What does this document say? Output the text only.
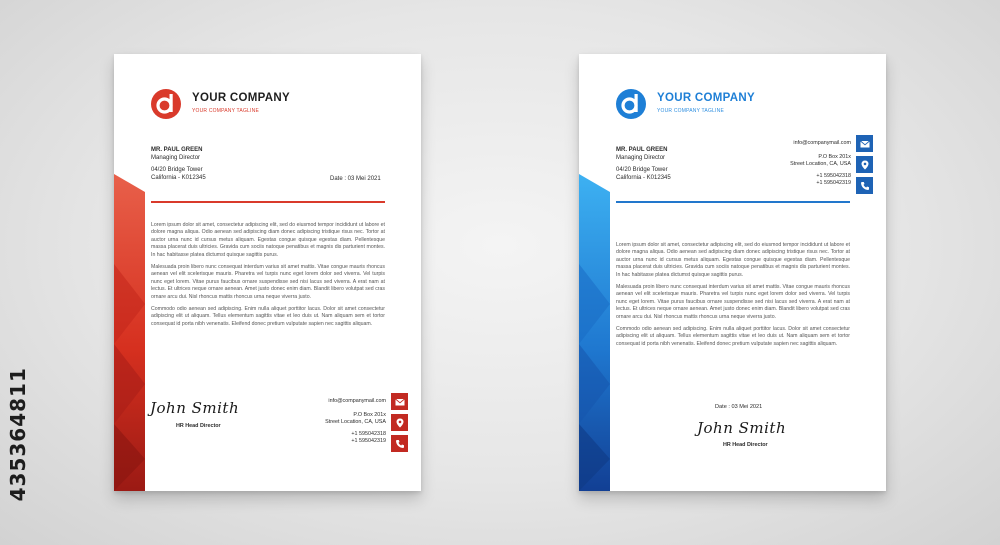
435364811
YOUR COMPANY
YOUR COMPANY TAGLINE
MR. PAUL GREEN
Managing Director
04/20 Bridge Tower
California - K012345	Date : 03 Mei 2021

Lorem ipsum dolor sit amet, consectetur adipiscing elit, sed do eiusmod tempor incididunt ut labore et dolore magna aliqua. Odio aenean sed adipiscing diam donec adipiscing tristique risus nec. Tortor at auctor urna nunc id cursus metus aliquam. Egestas congue quisque egestas diam. Pellentesque massa placerat duis ultricies. Gravida cum sociis natoque penatibus et magnis dis parturient montes. In hac habitasse platea dictumst quisque sagittis purus.

Malesuada proin libero nunc consequat interdum varius sit amet mattis. Vitae congue mauris rhoncus aenean vel elit scelerisque mauris. Pharetra vel turpis nunc eget lorem dolor sed viverra. Vel turpis nunc eget lorem. Vitae purus faucibus ornare suspendisse sed nisi lacus sed viverra. A erat nam at lectus. Et ultrices neque ornare aenean. Amet justo donec enim diam. Blandit libero volutpat sed cras ornare arcu dui. Nisl rhoncus mattis rhoncus urna neque viverra justo.

Commodo odio aenean sed adipiscing. Enim nulla aliquet porttitor lacus. Dolor sit amet consectetur adipiscing elit ut aliquam. Tellus elementum sagittis vitae et leo duis ut. Nam aliquam sem et tortor consequat id porta nibh venenatis. Eleifend donec pretium vulputate sapien nec sagittis aliquam.

John Smith
HR Head Director
info@companymail.com
P.O Box 201x
Street Location, CA, USA
+1 595042318
+1 595042319
YOUR COMPANY
YOUR COMPANY TAGLINE
MR. PAUL GREEN
Managing Director
04/20 Bridge Tower
California - K012345
info@companymail.com
P.O Box 201x
Street Location, CA, USA
+1 595042318
+1 595042319

Lorem ipsum dolor sit amet, consectetur adipiscing elit, sed do eiusmod tempor incididunt ut labore et dolore magna aliqua. Odio aenean sed adipiscing diam donec adipiscing tristique risus nec. Tortor at auctor urna nunc id cursus metus aliquam. Egestas congue quisque egestas diam. Pellentesque massa placerat duis ultricies. Gravida cum sociis natoque penatibus et magnis dis parturient montes. In hac habitasse platea dictumst quisque sagittis purus.

Malesuada proin libero nunc consequat interdum varius sit amet mattis. Vitae congue mauris rhoncus aenean vel elit scelerisque mauris. Pharetra vel turpis nunc eget lorem dolor sed viverra. Vel turpis nunc eget lorem. Vitae purus faucibus ornare suspendisse sed nisi lacus sed viverra. A erat nam at lectus. Et ultrices neque ornare aenean. Amet justo donec enim diam. Blandit libero volutpat sed cras ornare arcu dui. Nisl rhoncus mattis rhoncus urna neque viverra justo.

Commodo odio aenean sed adipiscing. Enim nulla aliquet porttitor lacus. Dolor sit amet consectetur adipiscing elit ut aliquam. Tellus elementum sagittis vitae et leo duis ut. Nam aliquam sem et tortor consequat id porta nibh venenatis. Eleifend donec pretium vulputate sapien nec sagittis aliquam.

Date : 03 Mei 2021
John Smith
HR Head Director
